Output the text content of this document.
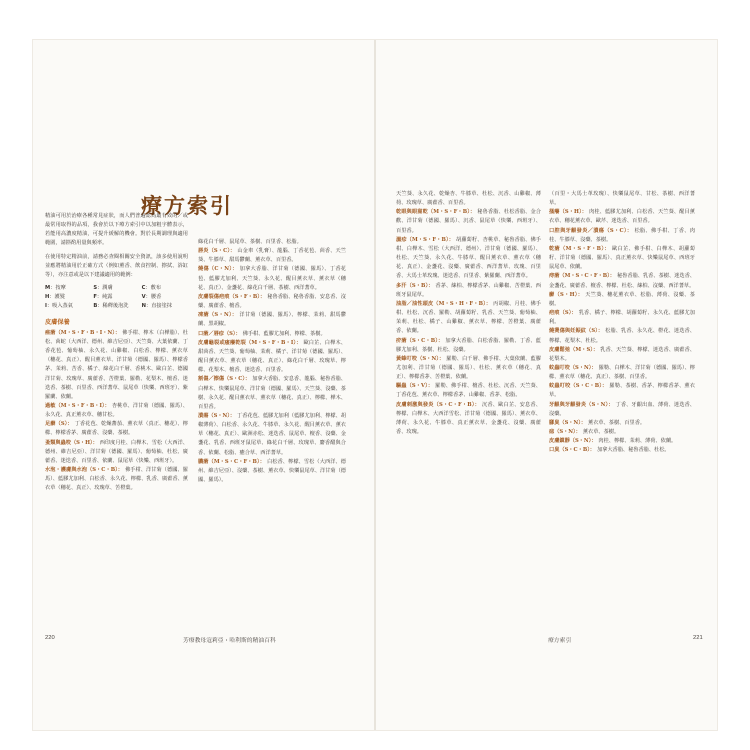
療方索引

精油可用於治療各種常見症狀，而人們普遍認為最有效的／或最常用取得的品項，我會於以下療方索引中以加粗字體表示，若能用高濃度精油，可提升緩解的機會。對於長期調理與適用範圍，請斟酌用量與頻率。

在使用特定精油前，請務必查閱相關安全資訊，該多使用說明並應將精油用於正確方式（例如薰香、飲食控制、擦拭、浴缸等），亦注意或是以下建議適用的範例：

M：按摩	S：潤膚	C：敷布
H：護髮	F：純露	V：腰香
I：吸入蒸氣	B：稀釋後泡洗	N：直接塗抹
皮膚保養

痤瘡（M・S・F・B・I・N）： 佛手柑、檸木（白樺脂）、杜松、茴蛇（大西洋、德州、維吉尼亞）、天竺葵、大葉依蘭、丁香花苞、葡萄柚、永久花、山雞椒、白松香、檸檬、薰衣草（穗花、真正）、醒目薰衣草、洋甘菊（德國、羅馬）、檸檬香茅、茉莉、苦香、橘子、綠花白千層、香桃木、歐白芷、德國洋甘菊、玫瑰草、廣藿香、苦橙葉、羅勒、花梨木、檀香、迷迭香、茶樹、百里香、西洋蓍草、鼠尾草（快樂、西班牙）、紫羅蘭、依蘭。

過敏（M・S・F・B・I）： 杏桃草、洋甘菊（德國、羅馬）、永久花、真正薰衣草、穗甘松。

足癬（S）： 丁香花苞、乾燥蕃茄、薰衣草（真正、穗花）、檸檬、檸檬香茅、廣藿香、沒藥、茶樹。

蚤類與蟲咬（S・H）： 西印度月桂、白樺木、雪松（大西洋、德州、維吉尼亞）、洋甘菊（德國、羅馬）、葡萄柚、杜松、廣藿香、迷迭香、百里香、依蘭、鼠尾草（快樂、西班牙）。

水泡・護膚與水泡（S・C・B）： 佛手柑、洋甘菊（德國、羅馬）、藍膠尤加利、白松香、永久花、檸檬、乳香、廣藿香、薰衣草（穗花、真正）、玫瑰草、苦橙葉。

綠花白千層、鼠尾草、茶樹、百里香、松脂。

唇炎（S・C）： 山金車（乳膏）、龍腦、丁香花苞、茴香、天竺葵、牛膝草、甜馬鬱蘭、薰衣草、百里香。

燒傷（C・N）： 加拿大香脂、洋甘菊（德國、羅馬）、丁香花苞、藍膠尤加利、天竺葵、永久花、醒目薰衣草、薰衣草（穗花、真正）、金盞花、綠花白千層、茶樹、西洋蓍草。

皮膚裂傷疤痕（S・F・B）： 秘魯香脂、秘魯香脂、安息香、沒藥、廣藿香、檀香。

凍瘡（S・N）： 洋甘菊（德國、羅馬）、檸檬、茉莉、甜馬鬱蘭、黑胡椒。

口瘡／唇疹（S）： 佛手柑、藍膠尤加利、檸檬、茶樹。

皮膚龜裂或瘙癢乾裂（M・S・F・B・I）： 歐白芷、白樺木、甜茴香、天竺葵、葡萄柚、茉莉、橘子、洋甘菊（德國、羅馬）、醒目薰衣草、薰衣草（穗花、真正）、綠花白千層、玫瑰草、檸檬、花梨木、檀香、迷迭香、百里香。

割傷／擦傷（S・C）： 加拿大香脂、安息香、龍腦、秘魯香脂、白樺木、快樂鼠尾草、洋甘菊（德國、羅馬）、天竺葵、沒藥、茶樹、永久花、醒目薰衣草、薰衣草（穗花、真正）、檸檬、樺木、百里香。

潰瘍（S・N）： 丁香花苞、藍膠尤加利（藍膠尤加利、檸檬、胡椒薄荷）、白松香、永久花、牛膝草、永久花、醒目薰衣草、薰衣草（穗花、真正）、歐洲赤松、迷迭香、鼠尾草、檀香、沒藥、金盞花、乳香、西班牙鼠尾草、綠花白千層、玫瑰草、麝香醋與合香、依蘭、松脂、癒合草、西洋蓍草。

膿瘡（M・S・C・F・B）： 白松香、檸檬、雪松（大西洋、德州、維吉尼亞）、沒藥、茶樹、薰衣草、快樂鼠尾草、洋甘菊（德國、羅馬）。

220	芳療教母寇莉亞・哈利斯的精油百科

天竺葵、永久花、乾燥杏、牛膝草、杜松、沉香、山雞椒、薄荷、玫瑰草、廣藿香、百里香。

乾眼與眼窩乾（M・S・F・B）： 秘魯香脂、杜松香脂、金合歡、洋甘菊（德國、羅馬）、沉香、鼠尾草（快樂、西班牙）、百里香。

濕疹（M・S・F・B）： 胡蘿蔔籽、杏桃草、秘魯香脂、佛手柑、白樺木、雪松（大西洋、德州）、洋甘菊（德國、羅馬）、杜松、天竺葵、永久花、牛膝草、醒目薰衣草、薰衣草（穗花、真正）、金盞花、沒藥、廣藿香、西洋蓍草、玫瑰、百里香、大馬士革玫瑰、迷迭香、百里香、紫羅蘭、西洋蓍草。

多汗（S・B）： 香茅、絲柏、檸檬香茅、山雞椒、苦橙葉、西班牙鼠尾草。

油脂／油性頭皮（M・S・H・F・B）： 丙胡椒、月桂、佛手柑、杜松、沉香、羅勒、胡蘿蔔籽、乳香、天竺葵、葡萄柚、茉莉、杜松、橘子、山雞椒、薰衣草、檸檬、苦橙葉、廣藿香、依蘭。

疥瘡（S・C・B）： 加拿大香脂、白松香脂、羅勒、丁香、藍膠尤加利、茶樹、杜松、沒藥。

黃蜂叮咬（S・N）： 羅勒、白千層、佛手柑、大葉依蘭、藍膠尤加利、洋甘菊（德國、羅馬）、杜松、薰衣草（穗花、真正）、檸檬香茅、苦橙葉、依蘭。

驅蟲（S・V）： 羅勒、佛手柑、檀香、杜松、沉香、天竺葵、丁香花苞、薰衣草、檸檬香茅、山雞椒、香茅、松脂。

皮膚刺激與發炎（S・C・F・B）： 沉香、歐白芷、安息香、檸檬、白樺木、大西洋雪松、洋甘菊（德國、羅馬）、薰衣草、薄荷、永久花、牛膝草、真正薰衣草、金盞花、沒藥、廣藿香、玫瑰。

（百里・大馬士革玫瑰）、快樂鼠尾草、甘松、茶樹、西洋蓍草。

搔癢（S・H）： 肉桂、藍膠尤加利、白松香、天竺葵、醒目薰衣草、穗花薰衣草、歐芹、迷迭香、百里香。

口腔與牙齦發炎／潰瘍（S・C）： 松脂、佛手柑、丁香、肉桂、牛膝草、沒藥、茶樹。

乾瘡（M・S・F・B）： 歐白芷、佛手柑、白樺木、胡蘿蔔籽、洋甘菊（德國、羅馬）、真正薰衣草、快樂鼠尾草、西班牙鼠尾草、依蘭。

痔瘡（M・S・C・F・B）： 秘魯香脂、乳香、茶樹、迷迭香、金盞花、廣藿香、檀香、檸檬、杜松、絲柏、沒藥、西洋蓍草。

癬（S・H）： 天竺葵、穗花薰衣草、松脂、薄荷、沒藥、茶樹。

疤痕（S）： 乳香、橘子、檸檬、胡蘿蔔籽、永久花、藍膠尤加利。

燒燙傷與妊娠紋（S）： 松脂、乳香、永久花、橙花、迷迭香、檸檬、花梨木、杜松。

皮膚鬆弛（M・S）： 乳香、天竺葵、檸檬、迷迭香、廣藿香、花梨木。

蚊蟲叮咬（S・N）： 羅勒、白樺木、洋甘菊（德國、羅馬）、檸檬、薰衣草（穗花、真正）、茶樹、百里香。

蚊蟲叮咬（S・C・B）： 羅勒、茶樹、香茅、檸檬香茅、薰衣草。

牙齦與牙齦發炎（S・N）： 丁香、牙齦出血、薄荷、迷迭香、沒藥。

腳臭（S・N）： 薰衣草、茶樹、百里香。

痣（S・N）： 薰衣草、茶樹。

皮膚鎮靜（S・N）： 肉桂、檸檬、茉莉、薄荷、依蘭。

口臭（S・C・B）： 加拿大香脂、秘魯香脂、杜松。

療方索引	221
